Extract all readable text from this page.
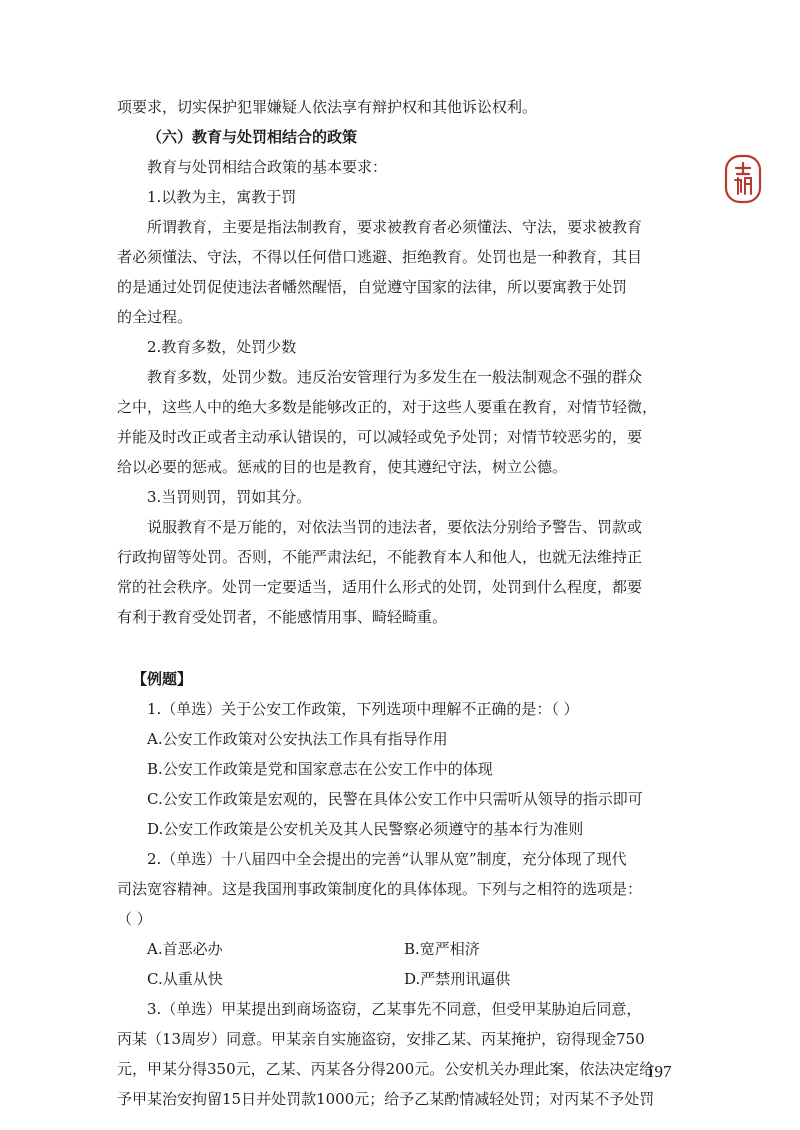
项要求，切实保护犯罪嫌疑人依法享有辩护权和其他诉讼权利。

（六）教育与处罚相结合的政策

教育与处罚相结合政策的基本要求：

1.以教为主，寓教于罚

所谓教育，主要是指法制教育，要求被教育者必须懂法、守法，要求被教育

者必须懂法、守法，不得以任何借口逃避、拒绝教育。处罚也是一种教育，其目

的是通过处罚促使违法者幡然醒悟，自觉遵守国家的法律，所以要寓教于处罚

的全过程。

2.教育多数，处罚少数

教育多数，处罚少数。违反治安管理行为多发生在一般法制观念不强的群众

之中，这些人中的绝大多数是能够改正的，对于这些人要重在教育，对情节轻微，

并能及时改正或者主动承认错误的，可以减轻或免予处罚；对情节较恶劣的，要

给以必要的惩戒。惩戒的目的也是教育，使其遵纪守法，树立公德。

3.当罚则罚，罚如其分。

说服教育不是万能的，对依法当罚的违法者，要依法分别给予警告、罚款或

行政拘留等处罚。否则，不能严肃法纪，不能教育本人和他人，也就无法维持正

常的社会秩序。处罚一定要适当，适用什么形式的处罚，处罚到什么程度，都要

有利于教育受处罚者，不能感情用事、畸轻畸重。

【例题】

1.（单选）关于公安工作政策，下列选项中理解不正确的是：（ ）

A.公安工作政策对公安执法工作具有指导作用

B.公安工作政策是党和国家意志在公安工作中的体现

C.公安工作政策是宏观的，民警在具体公安工作中只需听从领导的指示即可

D.公安工作政策是公安机关及其人民警察必须遵守的基本行为准则

2.（单选）十八届四中全会提出的完善“认罪从宽”制度，充分体现了现代

司法宽容精神。这是我国刑事政策制度化的具体体现。下列与之相符的选项是：

（ ）

A.首恶必办	B.宽严相济

C.从重从快	D.严禁刑讯逼供

3.（单选）甲某提出到商场盗窃，乙某事先不同意，但受甲某胁迫后同意，

丙某（13周岁）同意。甲某亲自实施盗窃，安排乙某、丙某掩护，窃得现金750

元，甲某分得350元，乙某、丙某各分得200元。公安机关办理此案，依法决定给

予甲某治安拘留15日并处罚款1000元；给予乙某酌情减轻处罚；对丙某不予处罚

197
